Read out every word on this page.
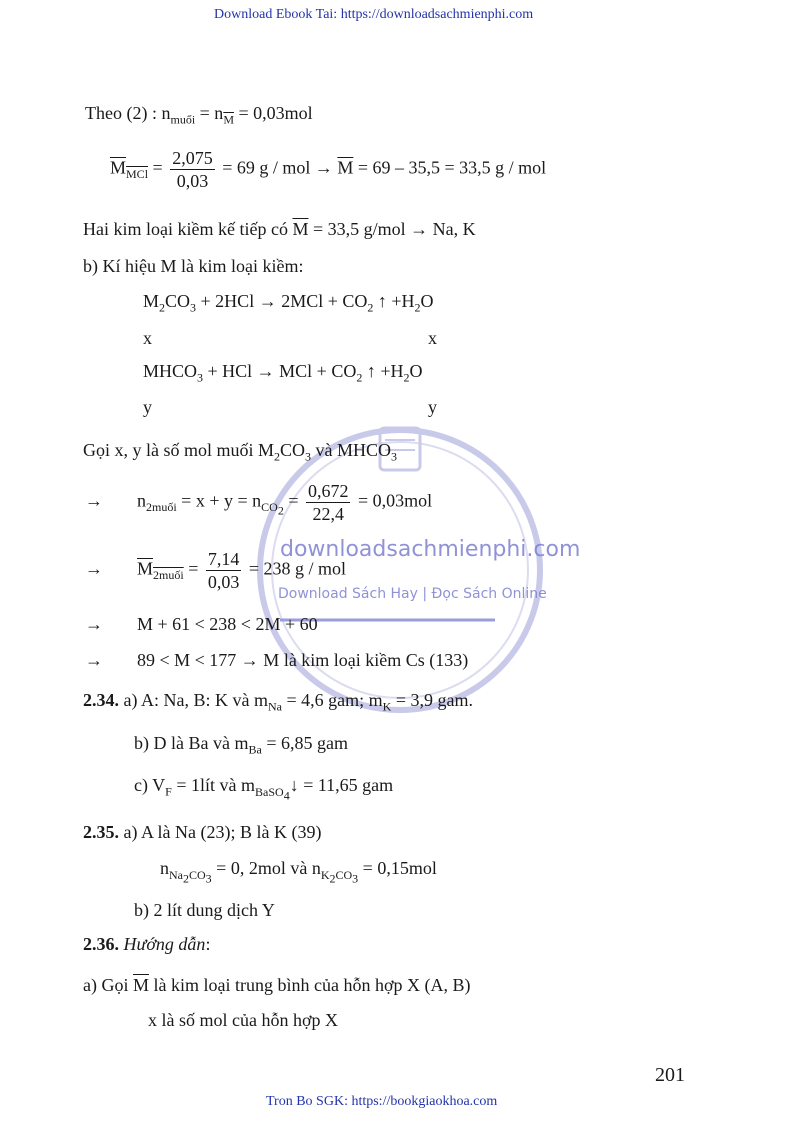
Download Ebook Tai: https://downloadsachmienphi.com
downloadsachmienphi.com
Download Sách Hay | Đọc Sách Online
Theo (2) : $n_{muối} = n_{\overline{M}} = 0,03mol$
$\overline{M}_{\overline{MCl}} = \frac{2,075}{0,03} = 69$ g / mol → $\overline{M} = 69 - 35,5 = 33,5$ g / mol
Hai kim loại kiềm kế tiếp có $\overline{M} = 33,5$ g/mol → Na, K
b) Kí hiệu M là kim loại kiềm:
$M_2CO_3 + 2HCl \to 2MCl + CO_2$ ↑ $+H_2O$
x	x
$MHCO_3$ + HCl → MCl + $CO_2$ ↑ $+H_2O$
y	y
Gọi x, y là số mol muối $M_2CO_3$ và $MHCO_3$
→ $n_{2muối} = x + y = n_{CO_2} = \frac{0,672}{22,4} = 0,03mol$
→ $\overline{M}_{2muối} = \frac{7,14}{0,03} = 238$ g / mol
→ M + 61 < 238 < 2M + 60
→ 89 < M < 177 → M là kim loại kiềm Cs (133)
2.34. a) A: Na, B: K và $m_{Na} = 4,6$ gam; $m_K = 3,9$ gam.
b) D là Ba và $m_{Ba} = 6,85$ gam
c) $V_F$ = 1lít và $m_{BaSO_4}↓ = 11,65$ gam
2.35. a) A là Na (23); B là K (39)
$n_{Na_2CO_3} = 0$, 2mol và $n_{K_2CO_3} = 0,15mol$
b) 2 lít dung dịch Y
2.36. Hướng dẫn:
a) Gọi $\overline{M}$ là kim loại trung bình của hỗn hợp X (A, B)
x là số mol của hỗn hợp X
201
Tron Bo SGK: https://bookgiaokhoa.com
